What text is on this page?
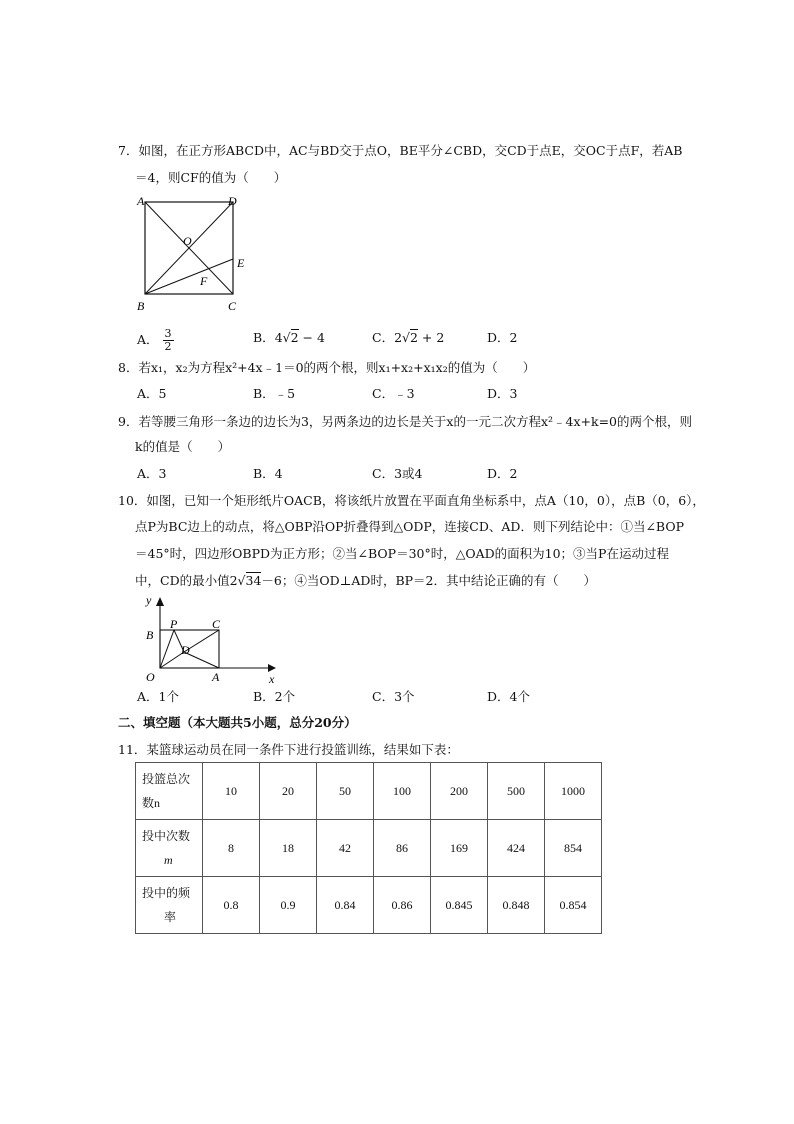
7．如图，在正方形ABCD中，AC与BD交于点O，BE平分∠CBD，交CD于点E，交OC于点F，若AB
＝4，则CF的值为（　　）
A	D
O
E
F
B	C
A． $\frac{3}{2}$	B．4√2 − 4	C．2√2 + 2	D．2
8．若x₁，x₂为方程x²+4x﹣1＝0的两个根，则x₁+x₂+x₁x₂的值为（　　）
A．5	B．﹣5	C．﹣3	D．3
9．若等腰三角形一条边的边长为3，另两条边的边长是关于x的一元二次方程x²﹣4x+k=0的两个根，则
k的值是（　　）
A．3	B．4	C．3或4	D．2
10．如图，已知一个矩形纸片OACB，将该纸片放置在平面直角坐标系中，点A（10，0），点B（0，6），
点P为BC边上的动点，将△OBP沿OP折叠得到△ODP，连接CD、AD．则下列结论中：①当∠BOP
＝45°时，四边形OBPD为正方形；②当∠BOP＝30°时，△OAD的面积为10；③当P在运动过程
中，CD的最小值2√34－6；④当OD⊥AD时，BP＝2．其中结论正确的有（　　）
y
x
B
P	C
D
O	A
A．1个	B．2个	C．3个	D．4个
二、填空题（本大题共5小题，总分20分）
11．某篮球运动员在同一条件下进行投篮训练，结果如下表：
投篮总次
数n	10	20	50	100	200	500	1000

投中次数
m	8	18	42	86	169	424	854

投中的频
率	0.8	0.9	0.84	0.86	0.845	0.848	0.854
